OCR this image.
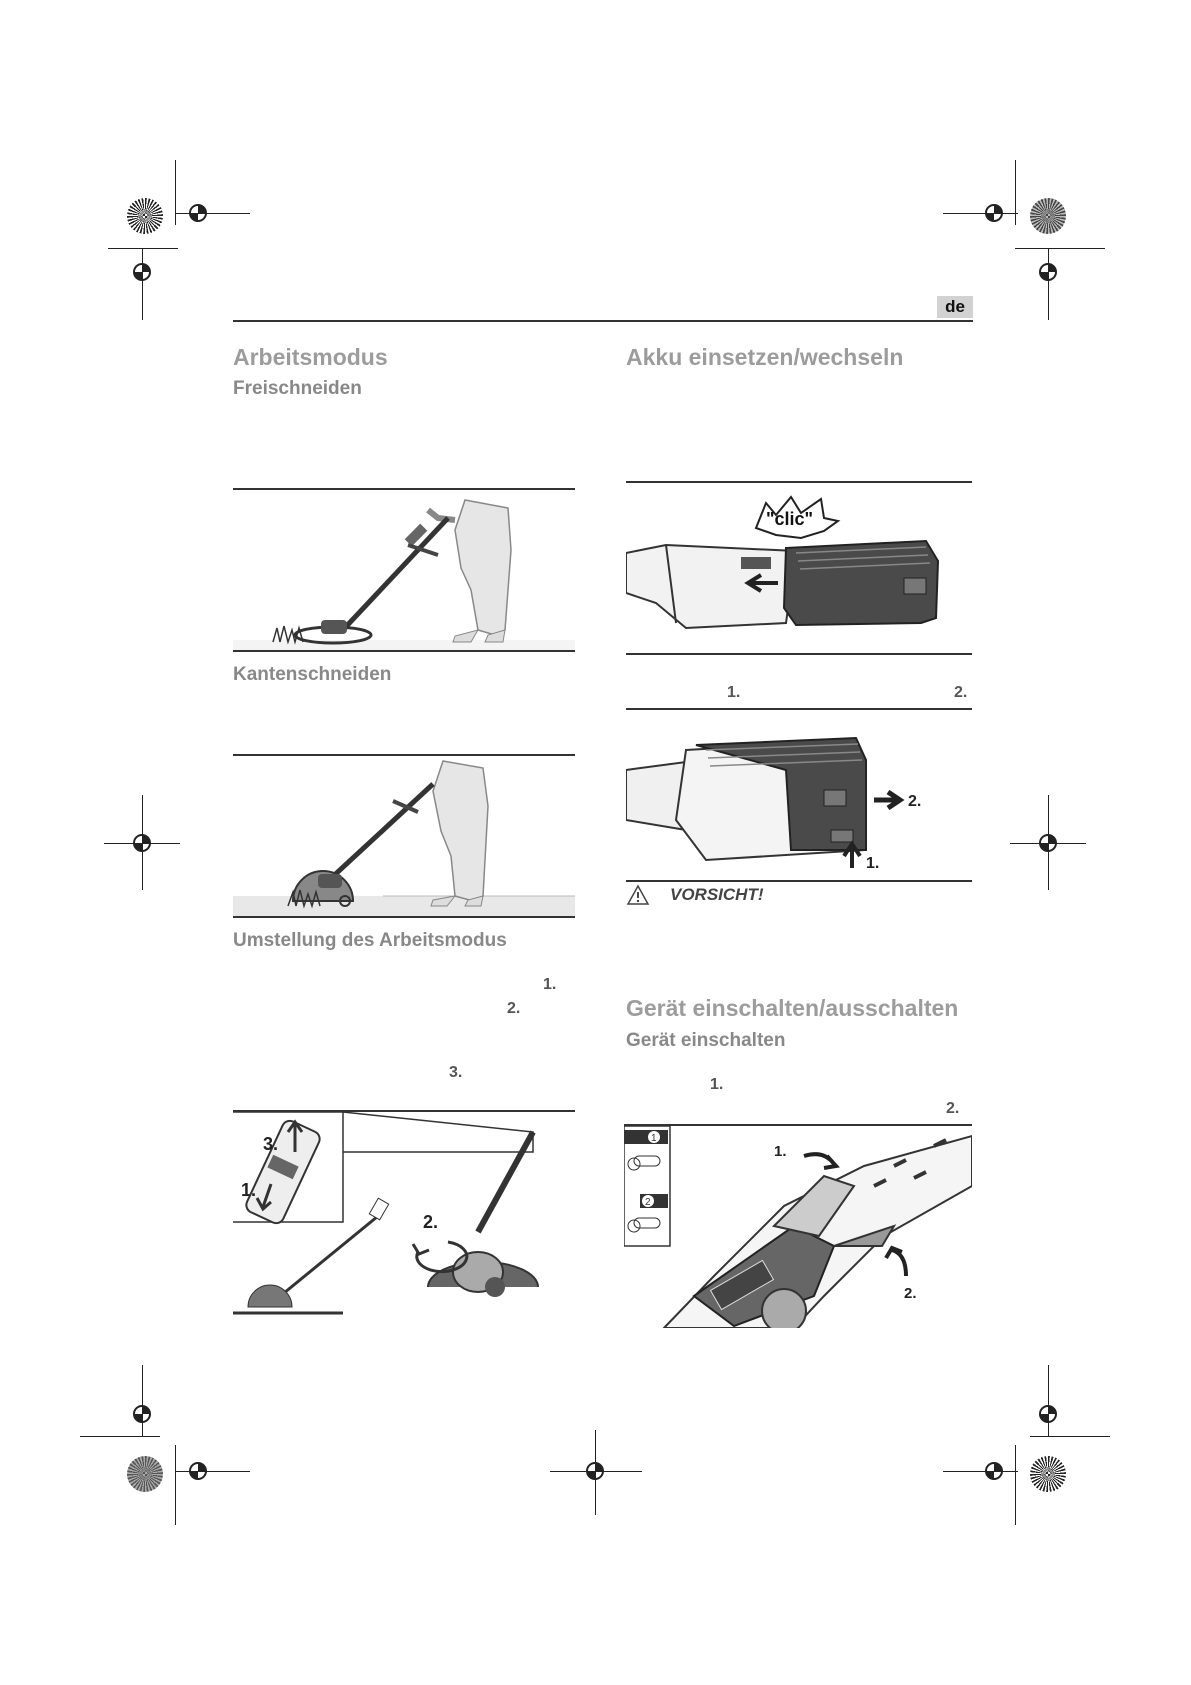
de
Arbeitsmodus
Freischneiden
Kantenschneiden
Umstellung des Arbeitsmodus
1.
2.
3.
3.
1.
2.
Akku einsetzen/wechseln
"clic"
1.	2.
2.
1.
VORSICHT!
Gerät einschalten/ausschalten
Gerät einschalten
1.
2.
1
2
1.
2.
